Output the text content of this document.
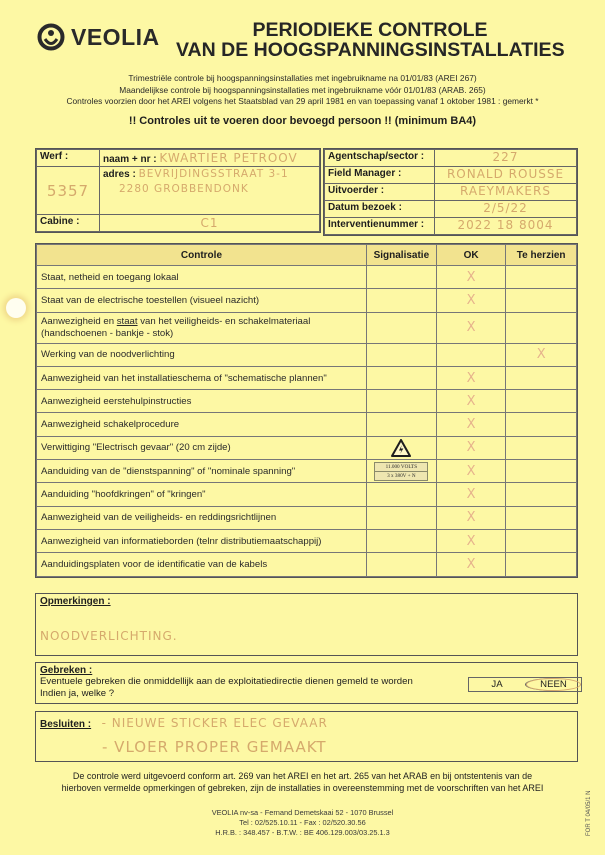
VEOLIA	PERIODIEKE CONTROLE
VAN DE HOOGSPANNINGSINSTALLATIES
Trimestriële controle bij hoogspanningsinstallaties met ingebruikname na 01/01/83 (AREI 267)
Maandelijkse controle bij hoogspanningsinstallaties met ingebruikname vóór 01/01/83 (ARAB. 265)
Controles voorzien door het AREI volgens het Staatsblad van 29 april 1981 en van toepassing vanaf 1 oktober 1981 : gemerkt *
!! Controles uit te voeren door bevoegd persoon !! (minimum BA4)
Werf :	naam + nr : KWARTIER PETROOV
5357	adres : BEVRIJDINGSSTRAAT 3-1

2280 GROBBENDONK

Cabine :	C1
Agentschap/sector :	227
Field Manager :	RONALD ROUSSE
Uitvoerder :	RAEYMAKERS
Datum bezoek :	2/5/22
Interventienummer :	2022 18 8004
Controle	Signalisatie	OK	Te herzien
Staat, netheid en toegang lokaal		X	
Staat van de electrische toestellen (visueel nazicht)		X	
Aanwezigheid en staat van het veiligheids- en schakelmateriaal
(handschoenen - bankje - stok)		X	
Werking van de noodverlichting			X
Aanwezigheid van het installatieschema of "schematische plannen"		X	
Aanwezigheid eerstehulpinstructies		X	
Aanwezigheid schakelprocedure		X	
Verwittiging "Electrisch gevaar" (20 cm zijde)		X	
Aanduiding van de "dienstspanning" of "nominale spanning"	11.000 VOLTS
3 x 380V + N	X	
Aanduiding "hoofdkringen" of "kringen"		X	
Aanwezigheid van de veiligheids- en reddingsrichtlijnen		X	
Aanwezigheid van informatieborden (telnr distributiemaatschappij)		X	
Aanduidingsplaten voor de identificatie van de kabels		X	
Opmerkingen :
NOODVERLICHTING.
Gebreken :
Eventuele gebreken die onmiddellijk aan de exploitatiedirectie dienen gemeld te worden
Indien ja, welke ?
JA	NEEN
Besluiten : - NIEUWE STICKER ELEC GEVAAR
- VLOER PROPER GEMAAKT
De controle werd uitgevoerd conform art. 269 van het AREI en het art. 265 van het ARAB en bij ontstentenis van de
hierboven vermelde opmerkingen of gebreken, zijn de installaties in overeenstemming met de voorschriften van het AREI
VEOLIA nv-sa - Fernand Demetskaai 52 - 1070 Brussel
Tel : 02/525.10.11 - Fax : 02/520.30.56
H.R.B. : 348.457 - B.T.W. : BE 406.129.003/03.25.1.3	FOR T 04/05/1 N
